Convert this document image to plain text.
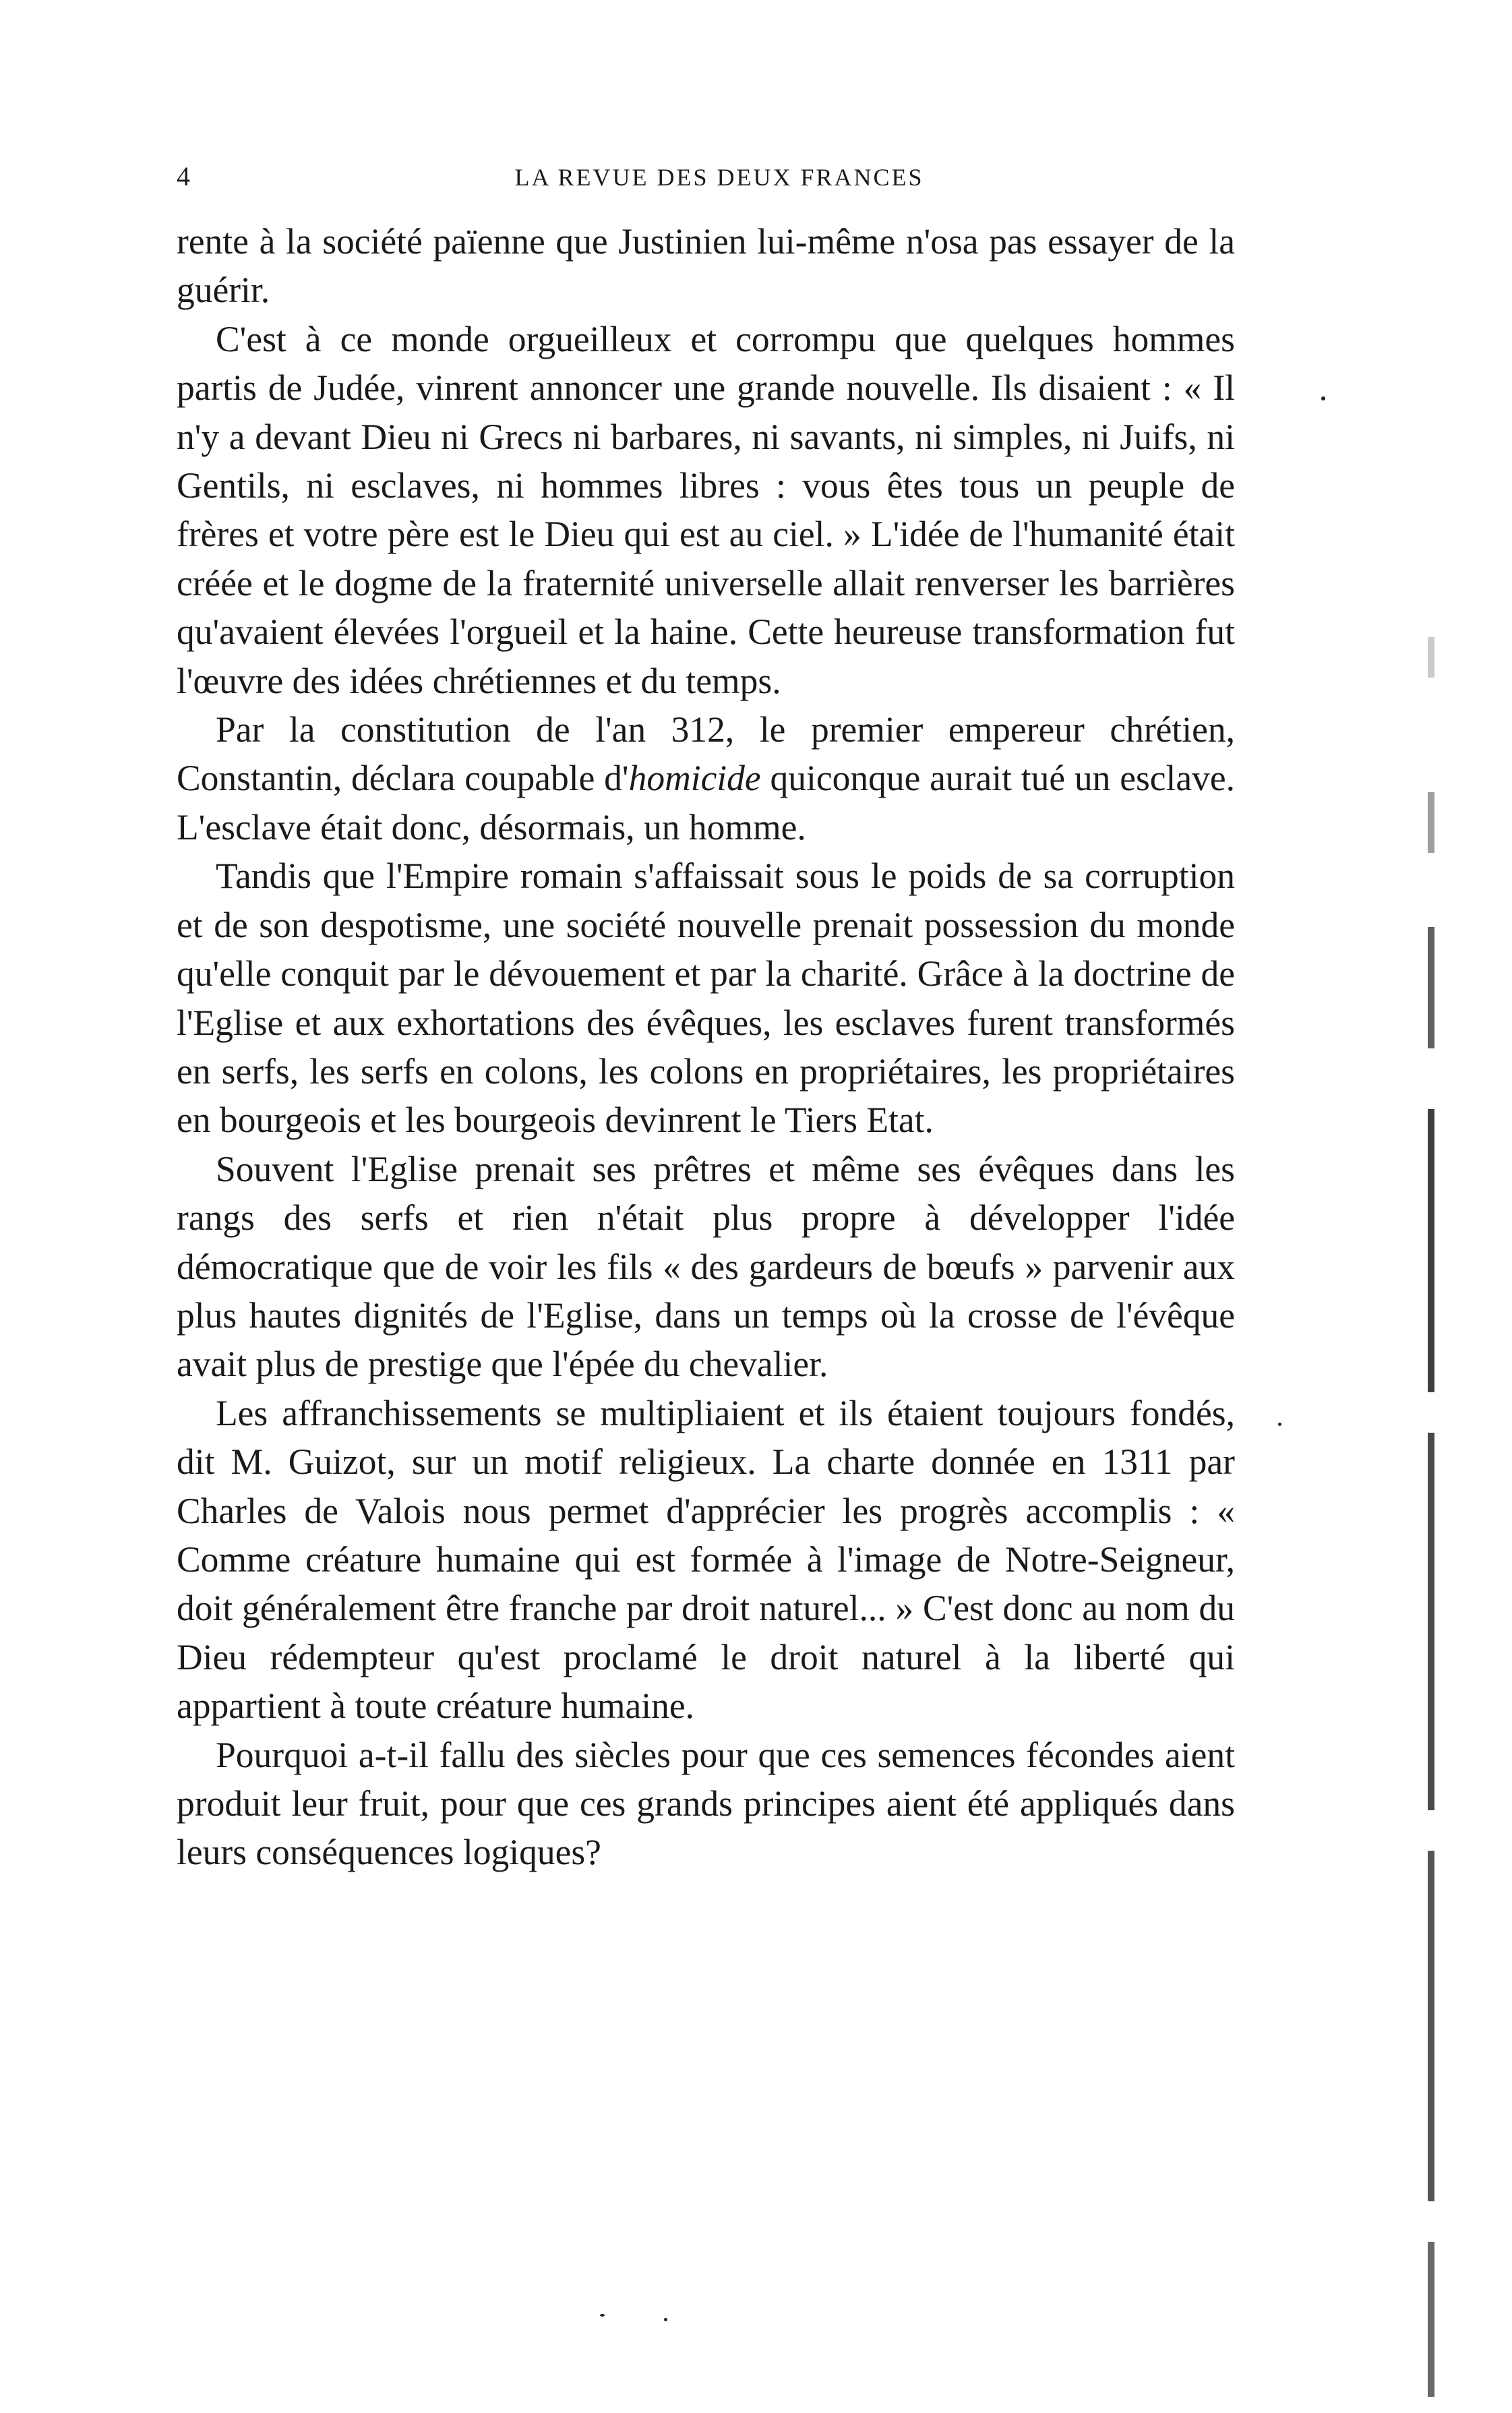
4	LA REVUE DES DEUX FRANCES

rente à la société païenne que Justinien lui-même n'osa pas essayer de la guérir.

C'est à ce monde orgueilleux et corrompu que quelques hommes partis de Judée, vinrent annoncer une grande nouvelle. Ils disaient : « Il n'y a devant Dieu ni Grecs ni barbares, ni savants, ni simples, ni Juifs, ni Gentils, ni esclaves, ni hommes libres : vous êtes tous un peuple de frères et votre père est le Dieu qui est au ciel. » L'idée de l'humanité était créée et le dogme de la fraternité universelle allait renverser les barrières qu'avaient élevées l'orgueil et la haine. Cette heureuse transformation fut l'œuvre des idées chrétiennes et du temps.

Par la constitution de l'an 312, le premier empereur chrétien, Constantin, déclara coupable d'homicide quiconque aurait tué un esclave. L'esclave était donc, désormais, un homme.

Tandis que l'Empire romain s'affaissait sous le poids de sa corruption et de son despotisme, une société nouvelle prenait possession du monde qu'elle conquit par le dévouement et par la charité. Grâce à la doctrine de l'Eglise et aux exhortations des évêques, les esclaves furent transformés en serfs, les serfs en colons, les colons en propriétaires, les propriétaires en bourgeois et les bourgeois devinrent le Tiers Etat.

Souvent l'Eglise prenait ses prêtres et même ses évêques dans les rangs des serfs et rien n'était plus propre à développer l'idée démocratique que de voir les fils « des gardeurs de bœufs » parvenir aux plus hautes dignités de l'Eglise, dans un temps où la crosse de l'évêque avait plus de prestige que l'épée du chevalier.

Les affranchissements se multipliaient et ils étaient toujours fondés, dit M. Guizot, sur un motif religieux. La charte donnée en 1311 par Charles de Valois nous permet d'apprécier les progrès accomplis : « Comme créature humaine qui est formée à l'image de Notre-Seigneur, doit généralement être franche par droit naturel... » C'est donc au nom du Dieu rédempteur qu'est proclamé le droit naturel à la liberté qui appartient à toute créature humaine.

Pourquoi a-t-il fallu des siècles pour que ces semences fécondes aient produit leur fruit, pour que ces grands principes aient été appliqués dans leurs conséquences logiques?
